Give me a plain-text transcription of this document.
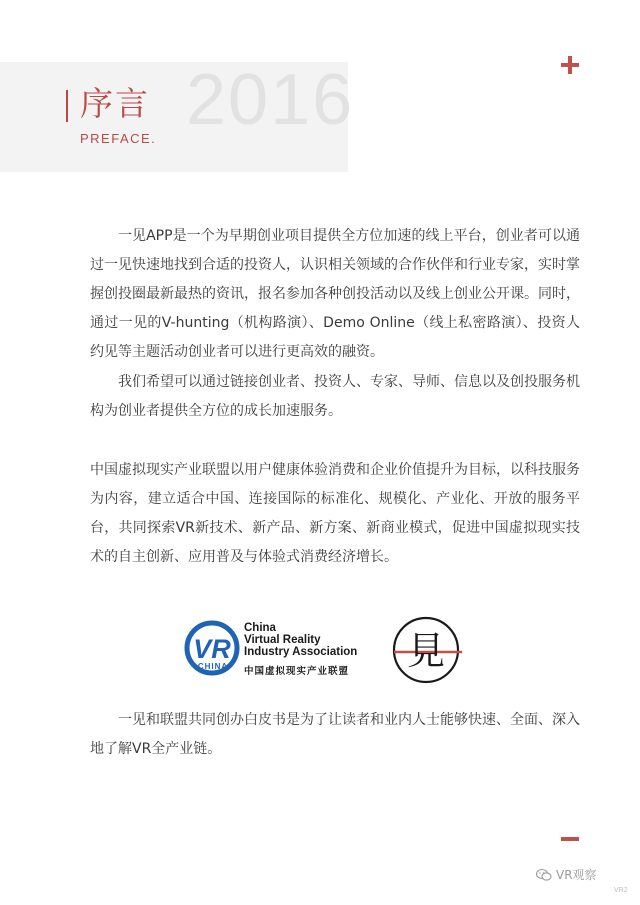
2016
序言
PREFACE.
一见APP是一个为早期创业项目提供全方位加速的线上平台，创业者可以通过一见快速地找到合适的投资人，认识相关领域的合作伙伴和行业专家，实时掌握创投圈最新最热的资讯，报名参加各种创投活动以及线上创业公开课。同时，通过一见的V-hunting（机构路演）、Demo Online（线上私密路演）、投资人约见等主题活动创业者可以进行更高效的融资。
我们希望可以通过链接创业者、投资人、专家、导师、信息以及创投服务机构为创业者提供全方位的成长加速服务。
中国虚拟现实产业联盟以用户健康体验消费和企业价值提升为目标，以科技服务为内容，建立适合中国、连接国际的标准化、规模化、产业化、开放的服务平台，共同探索VR新技术、新产品、新方案、新商业模式，促进中国虚拟现实技术的自主创新、应用普及与体验式消费经济增长。
VR
CHINA
China
Virtual Reality
Industry Association
中国虚拟现实产业联盟 見
一见和联盟共同创办白皮书是为了让读者和业内人士能够快速、全面、深入地了解VR全产业链。
VR观察
VR2
